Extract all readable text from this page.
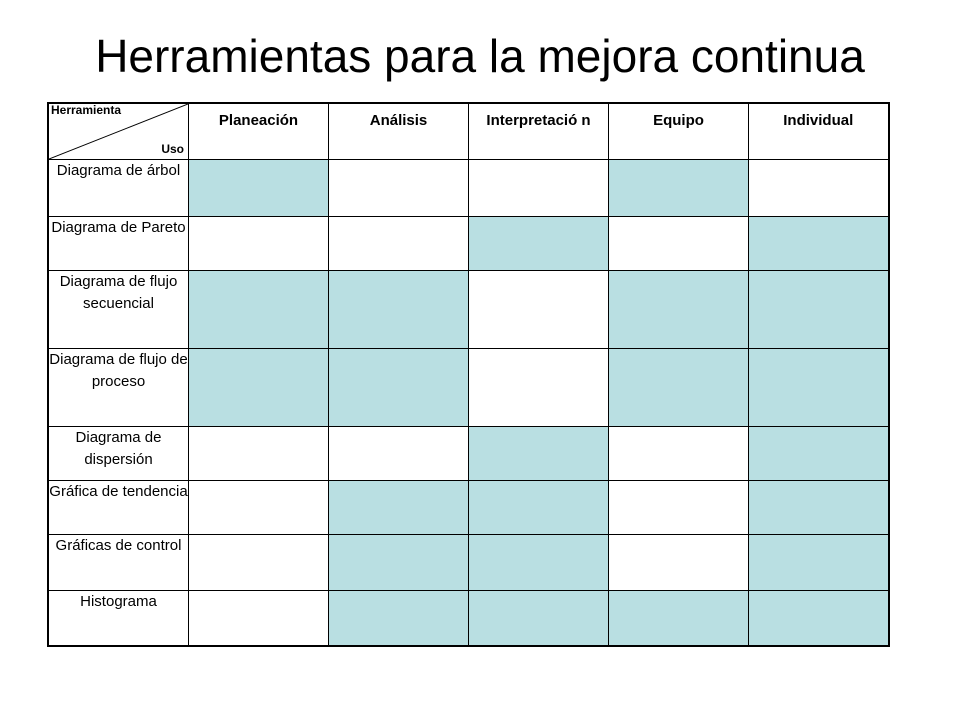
Herramientas para la mejora continua
Herramienta
Uso	Planeación	Análisis	Interpretació n	Equipo	Individual
Diagrama de árbol					
Diagrama de Pareto					
Diagrama de flujo secuencial					
Diagrama de flujo de proceso					
Diagrama de dispersión					
Gráfica de tendencia					
Gráficas de control					
Histograma					
